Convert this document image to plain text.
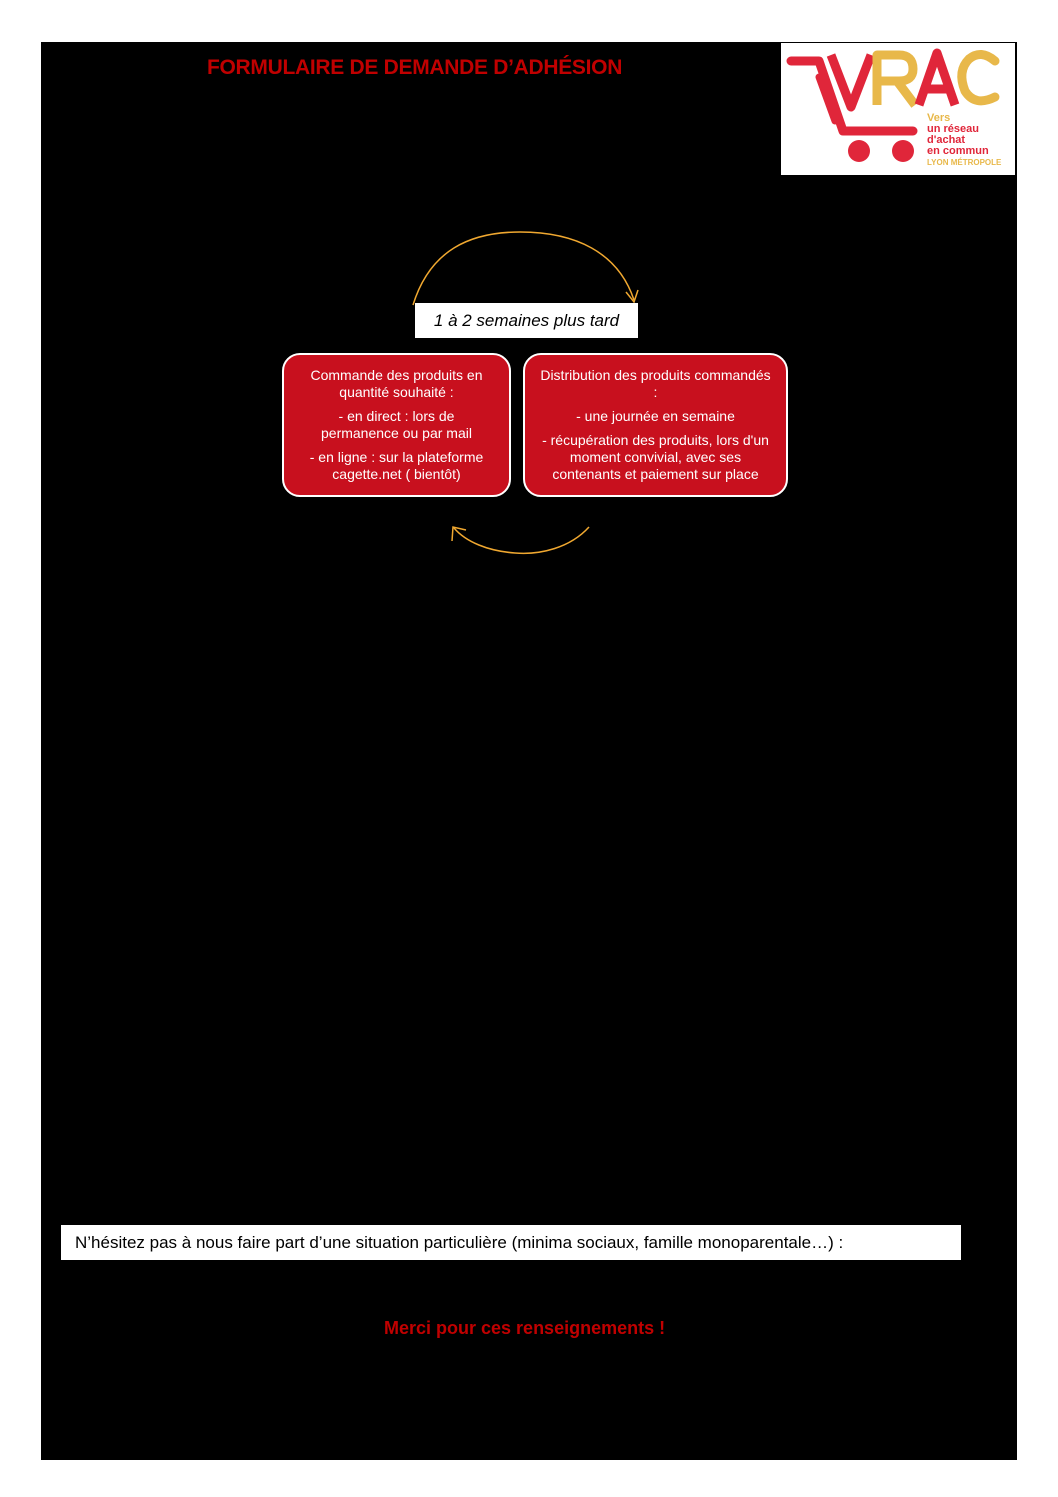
FORMULAIRE DE DEMANDE D’ADHÉSION
Vers
un réseau
d'achat
en commun
LYON MÉTROPOLE
1 à 2 semaines plus tard

Commande des produits en quantité souhaité :

- en direct : lors de permanence ou par mail

- en ligne : sur la plateforme cagette.net ( bientôt)

Distribution des produits commandés :

- une journée en semaine

- récupération des produits, lors d'un moment convivial, avec ses contenants et paiement sur place

N’hésitez pas à nous faire part d’une situation particulière (minima sociaux, famille monoparentale…) :
Merci pour ces renseignements !
